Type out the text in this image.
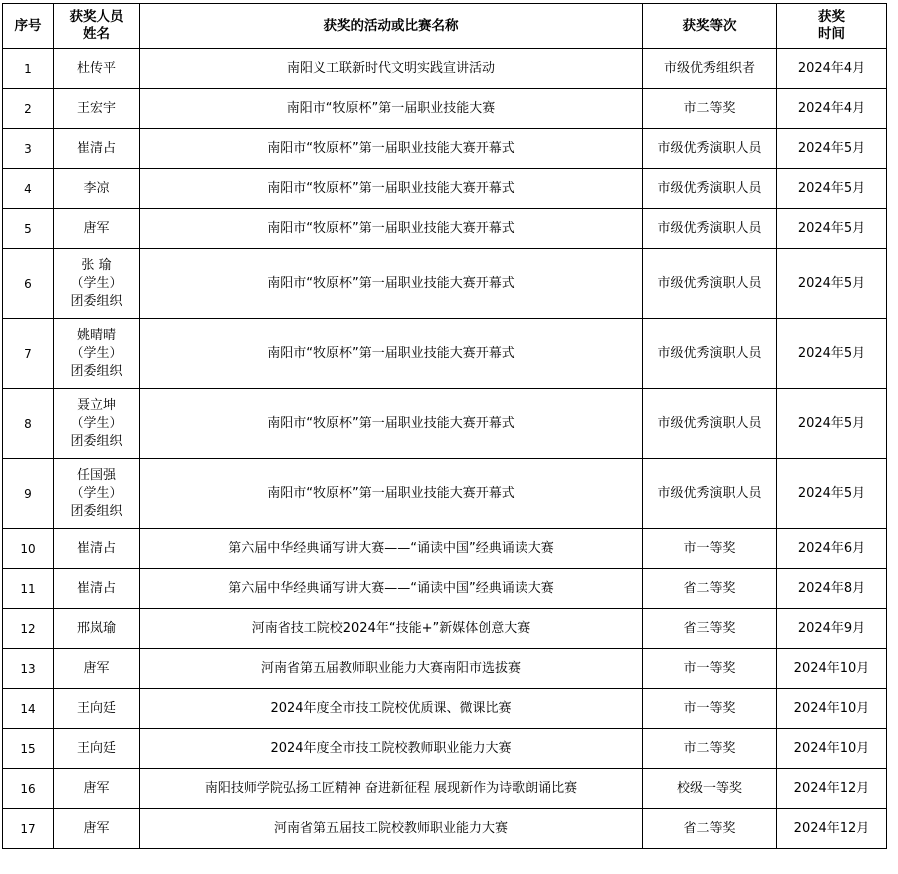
序号	获奖人员
姓名	获奖的活动或比赛名称	获奖等次	获奖
时间

1	杜传平	南阳义工联新时代文明实践宣讲活动	市级优秀组织者	2024年4月
2	王宏宇	南阳市“牧原杯”第一届职业技能大赛	市二等奖	2024年4月
3	崔清占	南阳市“牧原杯”第一届职业技能大赛开幕式	市级优秀演职人员	2024年5月
4	李凉	南阳市“牧原杯”第一届职业技能大赛开幕式	市级优秀演职人员	2024年5月
5	唐军	南阳市“牧原杯”第一届职业技能大赛开幕式	市级优秀演职人员	2024年5月
6	张 瑜
（学生）
团委组织	南阳市“牧原杯”第一届职业技能大赛开幕式	市级优秀演职人员	2024年5月
7	姚晴晴
（学生）
团委组织	南阳市“牧原杯”第一届职业技能大赛开幕式	市级优秀演职人员	2024年5月
8	聂立坤
（学生）
团委组织	南阳市“牧原杯”第一届职业技能大赛开幕式	市级优秀演职人员	2024年5月
9	任国强
（学生）
团委组织	南阳市“牧原杯”第一届职业技能大赛开幕式	市级优秀演职人员	2024年5月
10	崔清占	第六届中华经典诵写讲大赛——“诵读中国”经典诵读大赛	市一等奖	2024年6月
11	崔清占	第六届中华经典诵写讲大赛——“诵读中国”经典诵读大赛	省二等奖	2024年8月
12	邢岚瑜	河南省技工院校2024年“技能+”新媒体创意大赛	省三等奖	2024年9月
13	唐军	河南省第五届教师职业能力大赛南阳市选拔赛	市一等奖	2024年10月
14	王向廷	2024年度全市技工院校优质课、微课比赛	市一等奖	2024年10月
15	王向廷	2024年度全市技工院校教师职业能力大赛	市二等奖	2024年10月
16	唐军	南阳技师学院弘扬工匠精神 奋进新征程 展现新作为诗歌朗诵比赛	校级一等奖	2024年12月
17	唐军	河南省第五届技工院校教师职业能力大赛	省二等奖	2024年12月
